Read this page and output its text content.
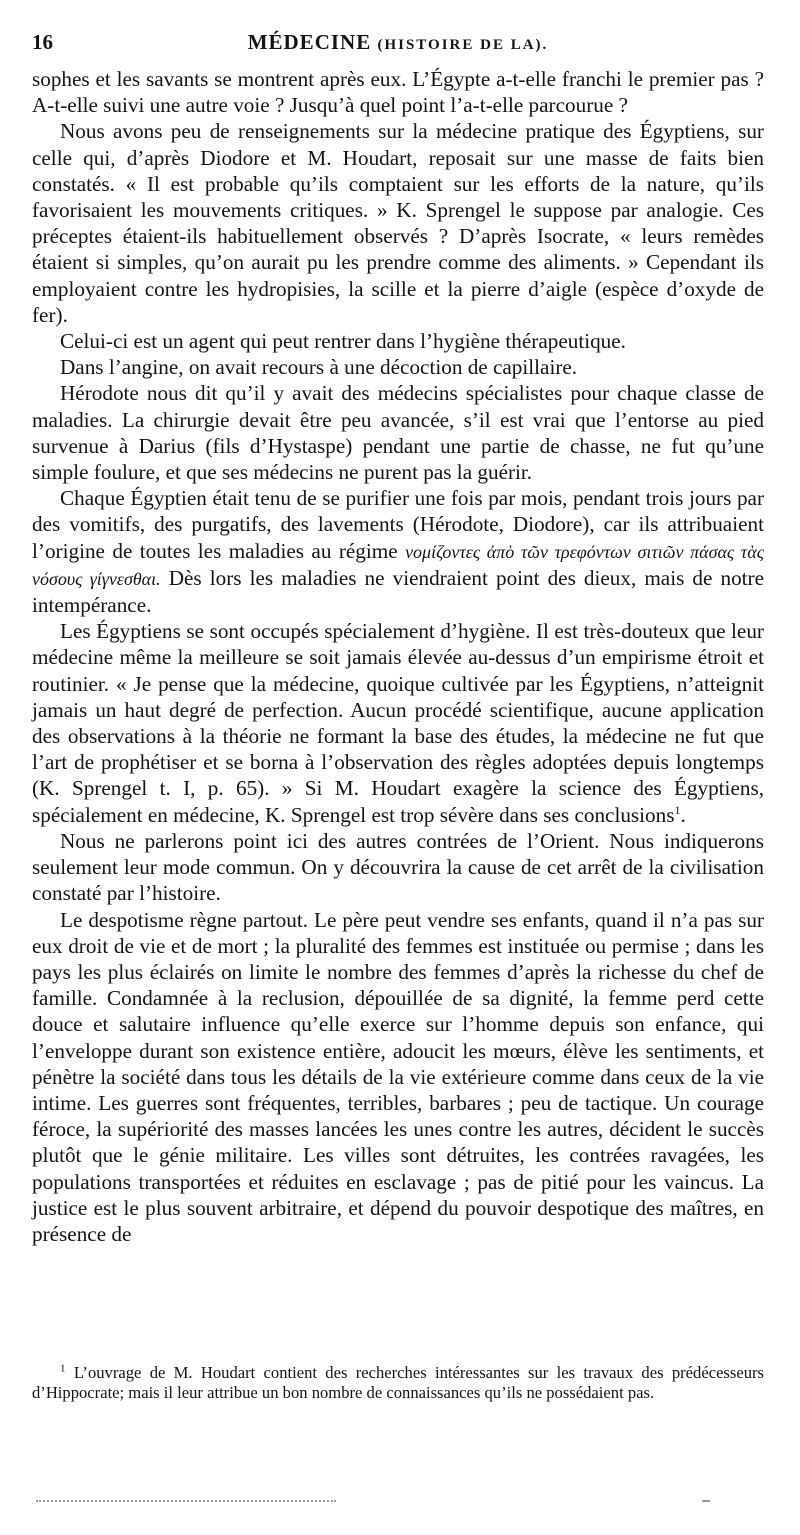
16	MÉDECINE (HISTOIRE DE LA).

sophes et les savants se montrent après eux. L’Égypte a-t-elle franchi le premier pas ? A-t-elle suivi une autre voie ? Jusqu’à quel point l’a-t-elle parcourue ?

Nous avons peu de renseignements sur la médecine pratique des Égyptiens, sur celle qui, d’après Diodore et M. Houdart, reposait sur une masse de faits bien constatés. « Il est probable qu’ils comptaient sur les efforts de la nature, qu’ils favorisaient les mouvements critiques. » K. Sprengel le suppose par analogie. Ces préceptes étaient-ils habituellement observés ? D’après Isocrate, « leurs remèdes étaient si simples, qu’on aurait pu les prendre comme des aliments. » Cependant ils employaient contre les hydropisies, la scille et la pierre d’aigle (espèce d’oxyde de fer).

Celui-ci est un agent qui peut rentrer dans l’hygiène thérapeutique.

Dans l’angine, on avait recours à une décoction de capillaire.

Hérodote nous dit qu’il y avait des médecins spécialistes pour chaque classe de maladies. La chirurgie devait être peu avancée, s’il est vrai que l’entorse au pied survenue à Darius (fils d’Hystaspe) pendant une partie de chasse, ne fut qu’une simple foulure, et que ses médecins ne purent pas la guérir.

Chaque Égyptien était tenu de se purifier une fois par mois, pendant trois jours par des vomitifs, des purgatifs, des lavements (Hérodote, Diodore), car ils attribuaient l’origine de toutes les maladies au régime νομίζοντες ἀπὸ τῶν τρεφόντων σιτιῶν πάσας τὰς νόσους γίγνεσθαι. Dès lors les maladies ne viendraient point des dieux, mais de notre intempérance.

Les Égyptiens se sont occupés spécialement d’hygiène. Il est très-douteux que leur médecine même la meilleure se soit jamais élevée au-dessus d’un empirisme étroit et routinier. « Je pense que la médecine, quoique cultivée par les Égyptiens, n’atteignit jamais un haut degré de perfection. Aucun procédé scientifique, aucune application des observations à la théorie ne formant la base des études, la médecine ne fut que l’art de prophétiser et se borna à l’observation des règles adoptées depuis longtemps (K. Sprengel t. I, p. 65). » Si M. Houdart exagère la science des Égyptiens, spécialement en médecine, K. Sprengel est trop sévère dans ses conclusions$^1$.

Nous ne parlerons point ici des autres contrées de l’Orient. Nous indiquerons seulement leur mode commun. On y découvrira la cause de cet arrêt de la civilisation constaté par l’histoire.

Le despotisme règne partout. Le père peut vendre ses enfants, quand il n’a pas sur eux droit de vie et de mort ; la pluralité des femmes est instituée ou permise ; dans les pays les plus éclairés on limite le nombre des femmes d’après la richesse du chef de famille. Condamnée à la reclusion, dépouillée de sa dignité, la femme perd cette douce et salutaire influence qu’elle exerce sur l’homme depuis son enfance, qui l’enveloppe durant son existence entière, adoucit les mœurs, élève les sentiments, et pénètre la société dans tous les détails de la vie extérieure comme dans ceux de la vie intime. Les guerres sont fréquentes, terribles, barbares ; peu de tactique. Un courage féroce, la supériorité des masses lancées les unes contre les autres, décident le succès plutôt que le génie militaire. Les villes sont détruites, les contrées ravagées, les populations transportées et réduites en esclavage ; pas de pitié pour les vaincus. La justice est le plus souvent arbitraire, et dépend du pouvoir despotique des maîtres, en présence de

$^1$ L’ouvrage de M. Houdart contient des recherches intéressantes sur les travaux des prédécesseurs d’Hippocrate; mais il leur attribue un bon nombre de connaissances qu’ils ne possédaient pas.
